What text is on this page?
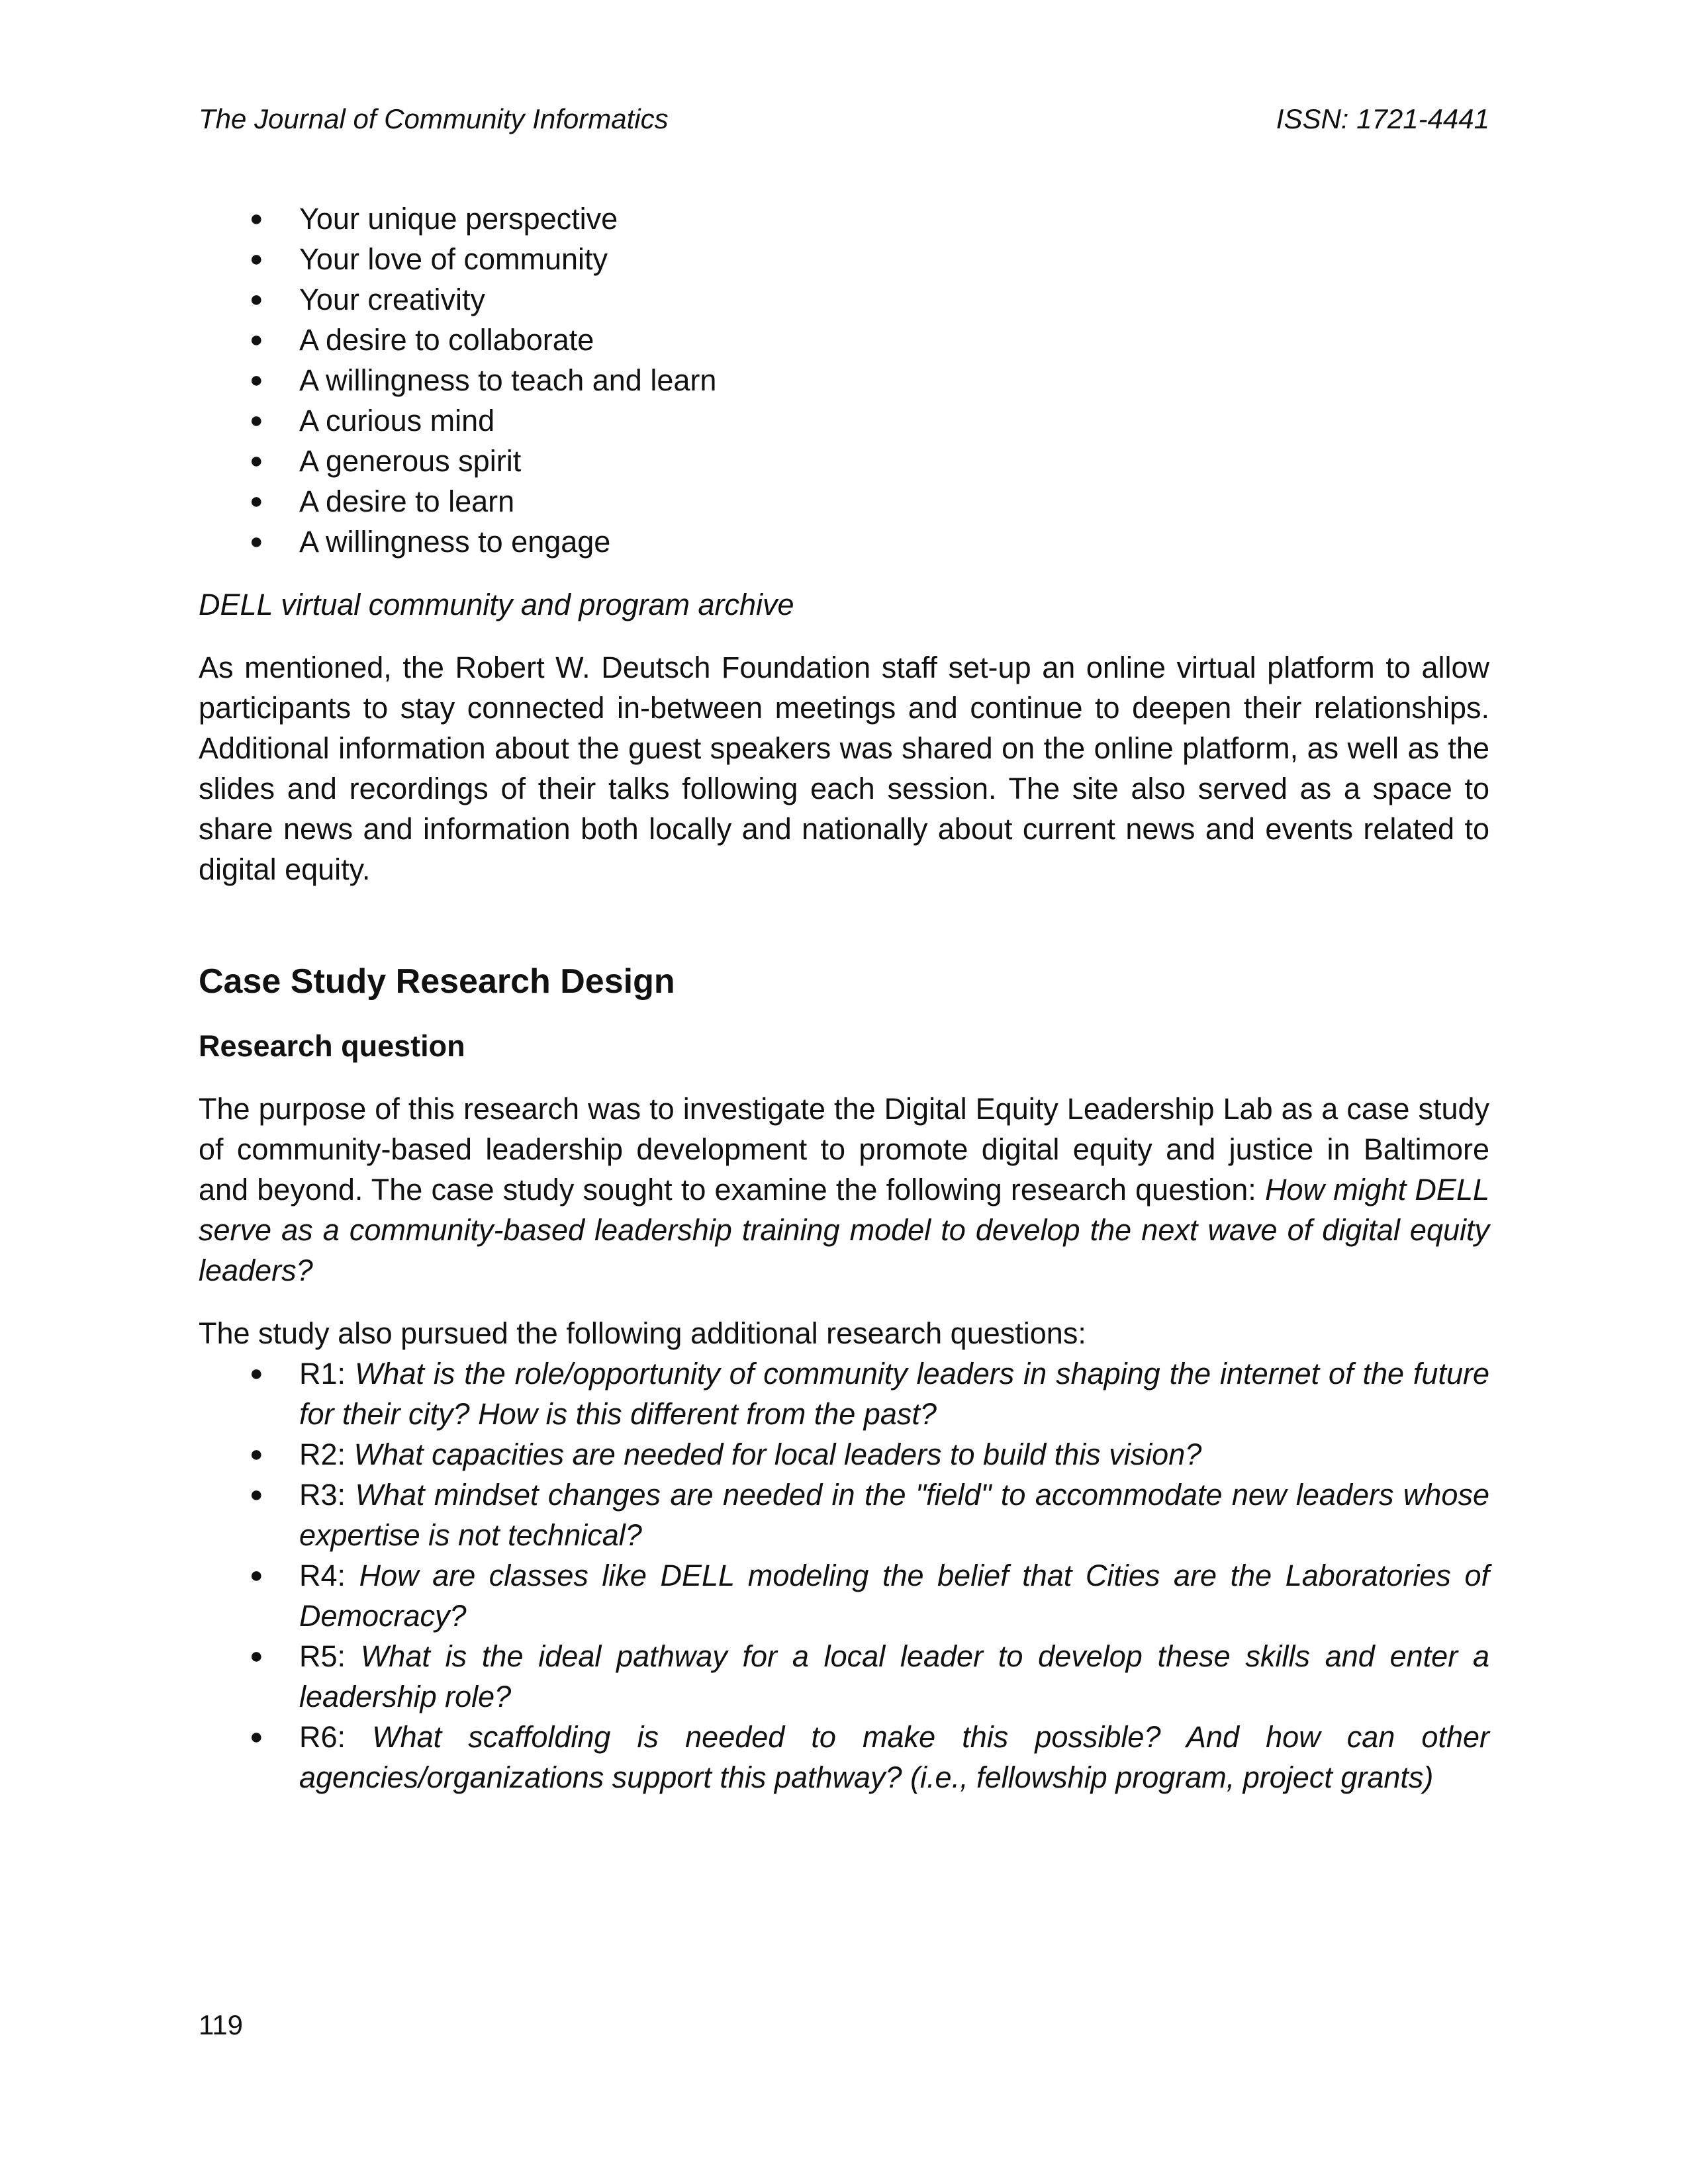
The Journal of Community Informatics	ISSN: 1721-4441
● Your unique perspective
● Your love of community
● Your creativity
● A desire to collaborate
● A willingness to teach and learn
● A curious mind
● A generous spirit
● A desire to learn
● A willingness to engage
DELL virtual community and program archive

As mentioned, the Robert W. Deutsch Foundation staff set-up an online virtual platform to allow participants to stay connected in-between meetings and continue to deepen their relationships. Additional information about the guest speakers was shared on the online platform, as well as the slides and recordings of their talks following each session. The site also served as a space to share news and information both locally and nationally about current news and events related to digital equity.

Case Study Research Design
Research question

The purpose of this research was to investigate the Digital Equity Leadership Lab as a case study of community-based leadership development to promote digital equity and justice in Baltimore and beyond. The case study sought to examine the following research question: How might DELL serve as a community-based leadership training model to develop the next wave of digital equity leaders?

The study also pursued the following additional research questions:

● R1: What is the role/opportunity of community leaders in shaping the internet of the future for their city? How is this different from the past?
● R2: What capacities are needed for local leaders to build this vision?
● R3: What mindset changes are needed in the "field" to accommodate new leaders whose expertise is not technical?
● R4: How are classes like DELL modeling the belief that Cities are the Laboratories of Democracy?
● R5: What is the ideal pathway for a local leader to develop these skills and enter a leadership role?
● R6: What scaffolding is needed to make this possible? And how can other agencies/organizations support this pathway? (i.e., fellowship program, project grants)
119
